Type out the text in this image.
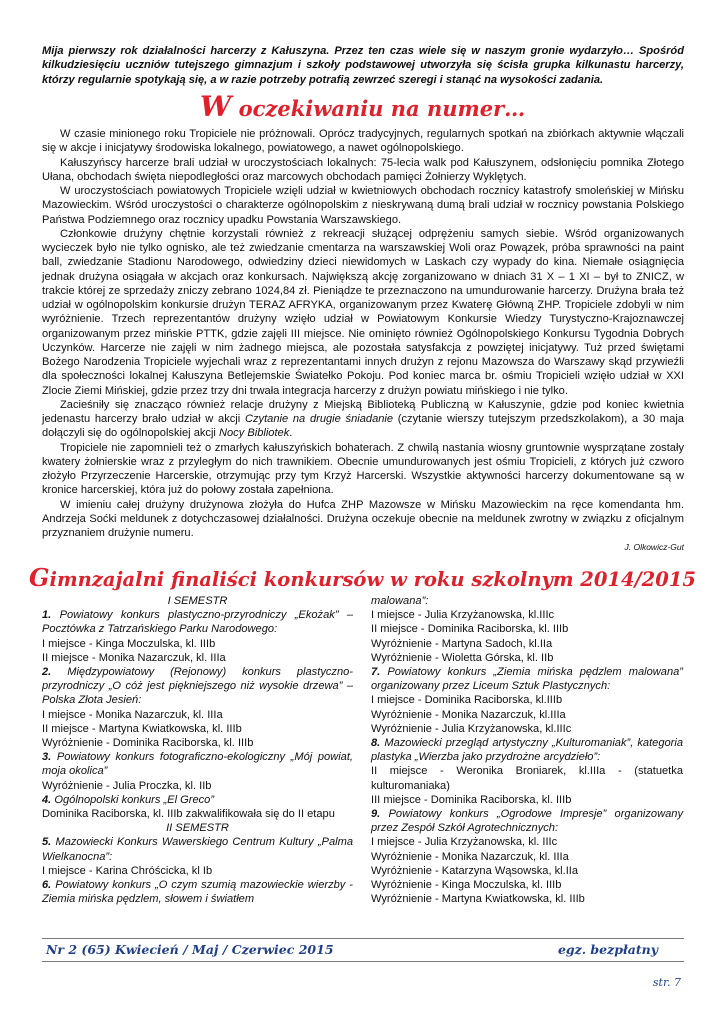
Mija pierwszy rok działalności harcerzy z Kałuszyna. Przez ten czas wiele się w naszym gronie wydarzyło… Spośród kilkudziesięciu uczniów tutejszego gimnazjum i szkoły podstawowej utworzyła się ścisła grupka kilkunastu harcerzy, którzy regularnie spotykają się, a w razie potrzeby potrafią zewrzeć szeregi i stanąć na wysokości zadania.
W oczekiwaniu na numer…

W czasie minionego roku Tropiciele nie próżnowali. Oprócz tradycyjnych, regularnych spotkań na zbiórkach aktywnie włączali się w akcje i inicjatywy środowiska lokalnego, powiatowego, a nawet ogólnopolskiego.

Kałuszyńscy harcerze brali udział w uroczystościach lokalnych: 75-lecia walk pod Kałuszynem, odsłonięciu pomnika Złotego Ułana, obchodach święta niepodległości oraz marcowych obchodach pamięci Żołnierzy Wyklętych.

W uroczystościach powiatowych Tropiciele wzięli udział w kwietniowych obchodach rocznicy katastrofy smoleńskiej w Mińsku Mazowieckim. Wśród uroczystości o charakterze ogólnopolskim z nieskrywaną dumą brali udział w rocznicy powstania Polskiego Państwa Podziemnego oraz rocznicy upadku Powstania Warszawskiego.

Członkowie drużyny chętnie korzystali również z rekreacji służącej odprężeniu samych siebie. Wśród organizowanych wycieczek było nie tylko ognisko, ale też zwiedzanie cmentarza na warszawskiej Woli oraz Powązek, próba sprawności na paint ball, zwiedzanie Stadionu Narodowego, odwiedziny dzieci niewidomych w Laskach czy wypady do kina. Niemałe osiągnięcia jednak drużyna osiągała w akcjach oraz konkursach. Największą akcję zorganizowano w dniach 31 X – 1 XI – był to ZNICZ, w trakcie której ze sprzedaży zniczy zebrano 1024,84 zł. Pieniądze te przeznaczono na umundurowanie harcerzy. Drużyna brała też udział w ogólnopolskim konkursie drużyn TERAZ AFRYKA, organizowanym przez Kwaterę Główną ZHP. Tropiciele zdobyli w nim wyróżnienie. Trzech reprezentantów drużyny wzięło udział w Powiatowym Konkursie Wiedzy Turystyczno-Krajoznawczej organizowanym przez mińskie PTTK, gdzie zajęli III miejsce. Nie ominięto również Ogólnopolskiego Konkursu Tygodnia Dobrych Uczynków. Harcerze nie zajęli w nim żadnego miejsca, ale pozostała satysfakcja z powziętej inicjatywy. Tuż przed świętami Bożego Narodzenia Tropiciele wyjechali wraz z reprezentantami innych drużyn z rejonu Mazowsza do Warszawy skąd przywieźli dla społeczności lokalnej Kałuszyna Betlejemskie Światełko Pokoju. Pod koniec marca br. ośmiu Tropicieli wzięło udział w XXI Zlocie Ziemi Mińskiej, gdzie przez trzy dni trwała integracja harcerzy z drużyn powiatu mińskiego i nie tylko.

Zacieśniły się znacząco również relacje drużyny z Miejską Biblioteką Publiczną w Kałuszynie, gdzie pod koniec kwietnia jedenastu harcerzy brało udział w akcji Czytanie na drugie śniadanie (czytanie wierszy tutejszym przedszkolakom), a 30 maja dołączyli się do ogólnopolskiej akcji Nocy Bibliotek.

Tropiciele nie zapomnieli też o zmarłych kałuszyńskich bohaterach. Z chwilą nastania wiosny gruntownie wysprzątane zostały kwatery żołnierskie wraz z przyległym do nich trawnikiem. Obecnie umundurowanych jest ośmiu Tropicieli, z których już czworo złożyło Przyrzeczenie Harcerskie, otrzymując przy tym Krzyż Harcerski. Wszystkie aktywności harcerzy dokumentowane są w kronice harcerskiej, która już do połowy została zapełniona.

W imieniu całej drużyny drużynowa złożyła do Hufca ZHP Mazowsze w Mińsku Mazowieckim na ręce komendanta hm. Andrzeja Soćki meldunek z dotychczasowej działalności. Drużyna oczekuje obecnie na meldunek zwrotny w związku z oficjalnym przyznaniem drużynie numeru.

J. Olkowicz-Gut
Gimnzajalni finaliści konkursów w roku szkolnym 2014/2015

I SEMESTR

1. Powiatowy konkurs plastyczno-przyrodniczy „Ekożak” – Pocztówka z Tatrzańskiego Parku Narodowego:

I miejsce - Kinga Moczulska, kl. IIIb

II miejsce - Monika Nazarczuk, kl. IIIa

2. Międzypowiatowy (Rejonowy) konkurs plastyczno-przyrodniczy „O cóż jest piękniejszego niż wysokie drzewa” – Polska Złota Jesień:

I miejsce - Monika Nazarczuk, kl. IIIa

II miejsce - Martyna Kwiatkowska, kl. IIIb

Wyróżnienie - Dominika Raciborska, kl. IIIb

3. Powiatowy konkurs fotograficzno-ekologiczny „Mój powiat, moja okolica”

Wyróżnienie - Julia Proczka, kl. IIb

4. Ogólnopolski konkurs „El Greco”

Dominika Raciborska, kl. IIIb zakwalifikowała się do II etapu

II SEMESTR

5. Mazowiecki Konkurs Wawerskiego Centrum Kultury „Palma Wielkanocna”:

I miejsce - Karina Chróścicka, kl Ib

6. Powiatowy konkurs „O czym szumią mazowieckie wierzby - Ziemia mińska pędzlem, słowem i światłem

malowana”:

I miejsce - Julia Krzyżanowska, kl.IIIc

II miejsce - Dominika Raciborska, kl. IIIb

Wyróżnienie - Martyna Sadoch, kl.IIa

Wyróżnienie - Wioletta Górska, kl. IIb

7. Powiatowy konkurs „Ziemia mińska pędzlem malowana” organizowany przez Liceum Sztuk Plastycznych:

I miejsce - Dominika Raciborska, kl.IIIb

Wyróżnienie - Monika Nazarczuk, kl.IIIa

Wyróżnienie - Julia Krzyżanowska, kl.IIIc

8. Mazowiecki przegląd artystyczny „Kulturomaniak”, kategoria plastyka „Wierzba jako przydrożne arcydzieło”:

II miejsce - Weronika Broniarek, kl.IIIa - (statuetka kulturomaniaka)

III miejsce - Dominika Raciborska, kl. IIIb

9. Powiatowy konkurs „Ogrodowe Impresje” organizowany przez Zespół Szkół Agrotechnicznych:

I miejsce - Julia Krzyżanowska, kl. IIIc

Wyróżnienie - Monika Nazarczuk, kl. IIIa

Wyróżnienie - Katarzyna Wąsowska, kl.IIa

Wyróżnienie - Kinga Moczulska, kl. IIIb

Wyróżnienie - Martyna Kwiatkowska, kl. IIIb

Nr 2 (65) Kwiecień / Maj / Czerwiec 2015	egz. bezpłatny
str. 7
